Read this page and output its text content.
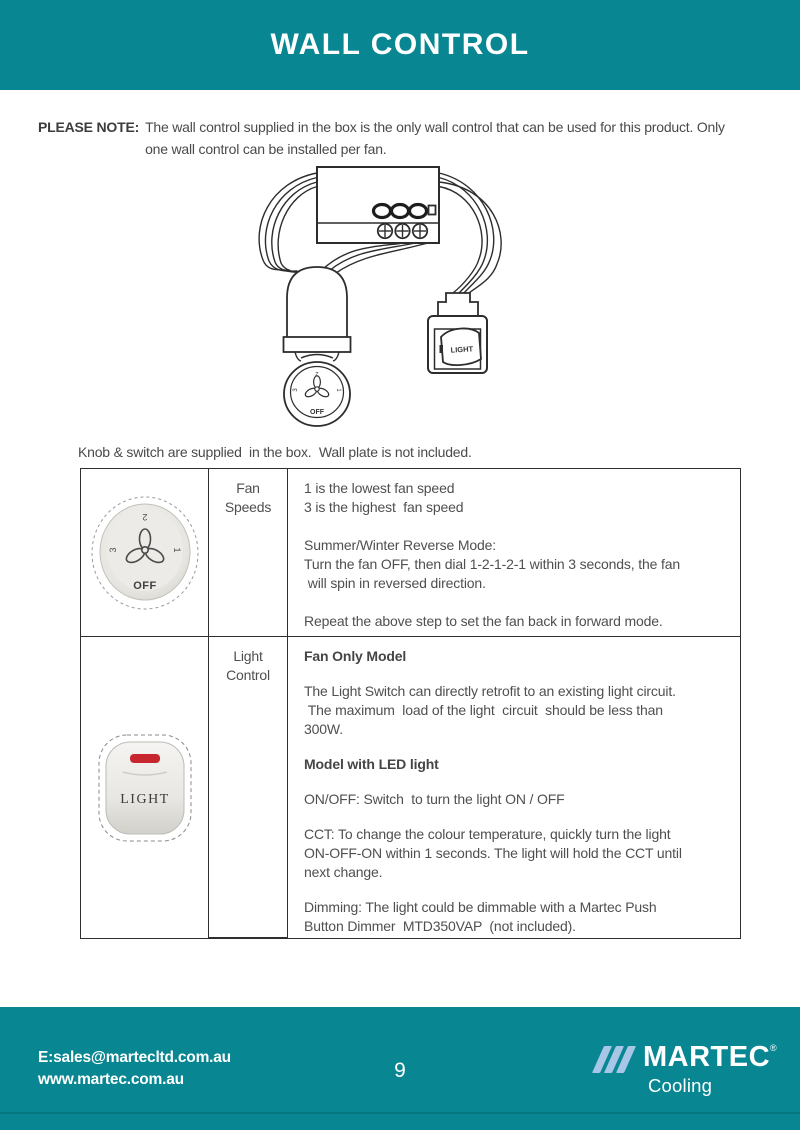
WALL CONTROL
PLEASE NOTE: The wall control supplied in the box is the only wall control that can be used for this product. Only
one wall control can be installed per fan.
OFF
2
1
3
LIGHT
Knob & switch are supplied  in the box.  Wall plate is not included.
OFF
2
1
3
Fan
Speeds
1 is the lowest fan speed
3 is the highest  fan speed
Summer/Winter Reverse Mode:
Turn the fan OFF, then dial 1-2-1-2-1 within 3 seconds, the fan
will spin in reversed direction.
Repeat the above step to set the fan back in forward mode.
LIGHT
Light
Control
Fan Only Model
The Light Switch can directly retrofit to an existing light circuit.
The maximum  load of the light  circuit  should be less than
300W.
Model with LED light
ON/OFF: Switch  to turn the light ON / OFF
CCT: To change the colour temperature, quickly turn the light
ON-OFF-ON within 1 seconds. The light will hold the CCT until
next change.
Dimming: The light could be dimmable with a Martec Push
Button Dimmer  MTD350VAP  (not included).
E:sales@martecltd.com.au
www.martec.com.au	9	MARTEC®
Cooling
